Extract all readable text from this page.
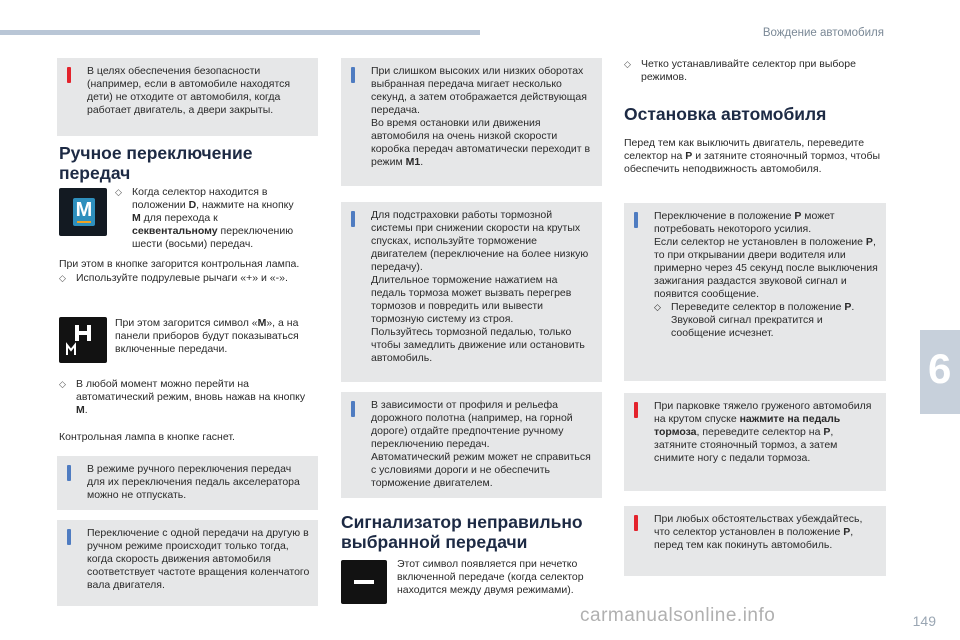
Вождение автомобиля
6
149

В целях обеспечения безопасности (например, если в автомобиле находятся дети) не отходите от автомобиля, когда работает двигатель, а двери закрыты.

Ручное переключение передач
M
◇ Когда селектор находится в положении D, нажмите на кнопку M для перехода к секвентальному переключению шести (восьми) передач.
При этом в кнопке загорится контрольная лампа.
◇ Используйте подрулевые рычаги «+» и «-».
При этом загорится символ «M», а на панели приборов будут показываться включенные передачи.
◇ В любой момент можно перейти на автоматический режим, вновь нажав на кнопку M.
Контрольная лампа в кнопке гаснет.

В режиме ручного переключения передач для их переключения педаль акселератора можно не отпускать.

Переключение с одной передачи на другую в ручном режиме происходит только тогда, когда скорость движения автомобиля соответствует частоте вращения коленчатого вала двигателя.

При слишком высоких или низких оборотах выбранная передача мигает несколько секунд, а затем отображается действующая передача.

Во время остановки или движения автомобиля на очень низкой скорости коробка передач автоматически переходит в режим M1.

Для подстраховки работы тормозной системы при снижении скорости на крутых спусках, используйте торможение двигателем (переключение на более низкую передачу).

Длительное торможение нажатием на педаль тормоза может вызвать перегрев тормозов и повредить или вывести тормозную систему из строя.

Пользуйтесь тормозной педалью, только чтобы замедлить движение или остановить автомобиль.

В зависимости от профиля и рельефа дорожного полотна (например, на горной дороге) отдайте предпочтение ручному переключению передач.

Автоматический режим может не справиться с условиями дороги и не обеспечить торможение двигателем.

Сигнализатор неправильно выбранной передачи
Этот символ появляется при нечетко включенной передаче (когда селектор находится между двумя режимами).
◇ Четко устанавливайте селектор при выборе режимов.
Остановка автомобиля
Перед тем как выключить двигатель, переведите селектор на P и затяните стояночный тормоз, чтобы обеспечить неподвижность автомобиля.

Переключение в положение P может потребовать некоторого усилия.

Если селектор не установлен в положение P, то при открывании двери водителя или примерно через 45 секунд после выключения зажигания раздастся звуковой сигнал и появится сообщение.

◇ Переведите селектор в положение P.

Звуковой сигнал прекратится и сообщение исчезнет.

При парковке тяжело груженого автомобиля на крутом спуске нажмите на педаль тормоза, переведите селектор на P, затяните стояночный тормоз, а затем снимите ногу с педали тормоза.

При любых обстоятельствах убеждайтесь, что селектор установлен в положение P, перед тем как покинуть автомобиль.

carmanualsonline.info
